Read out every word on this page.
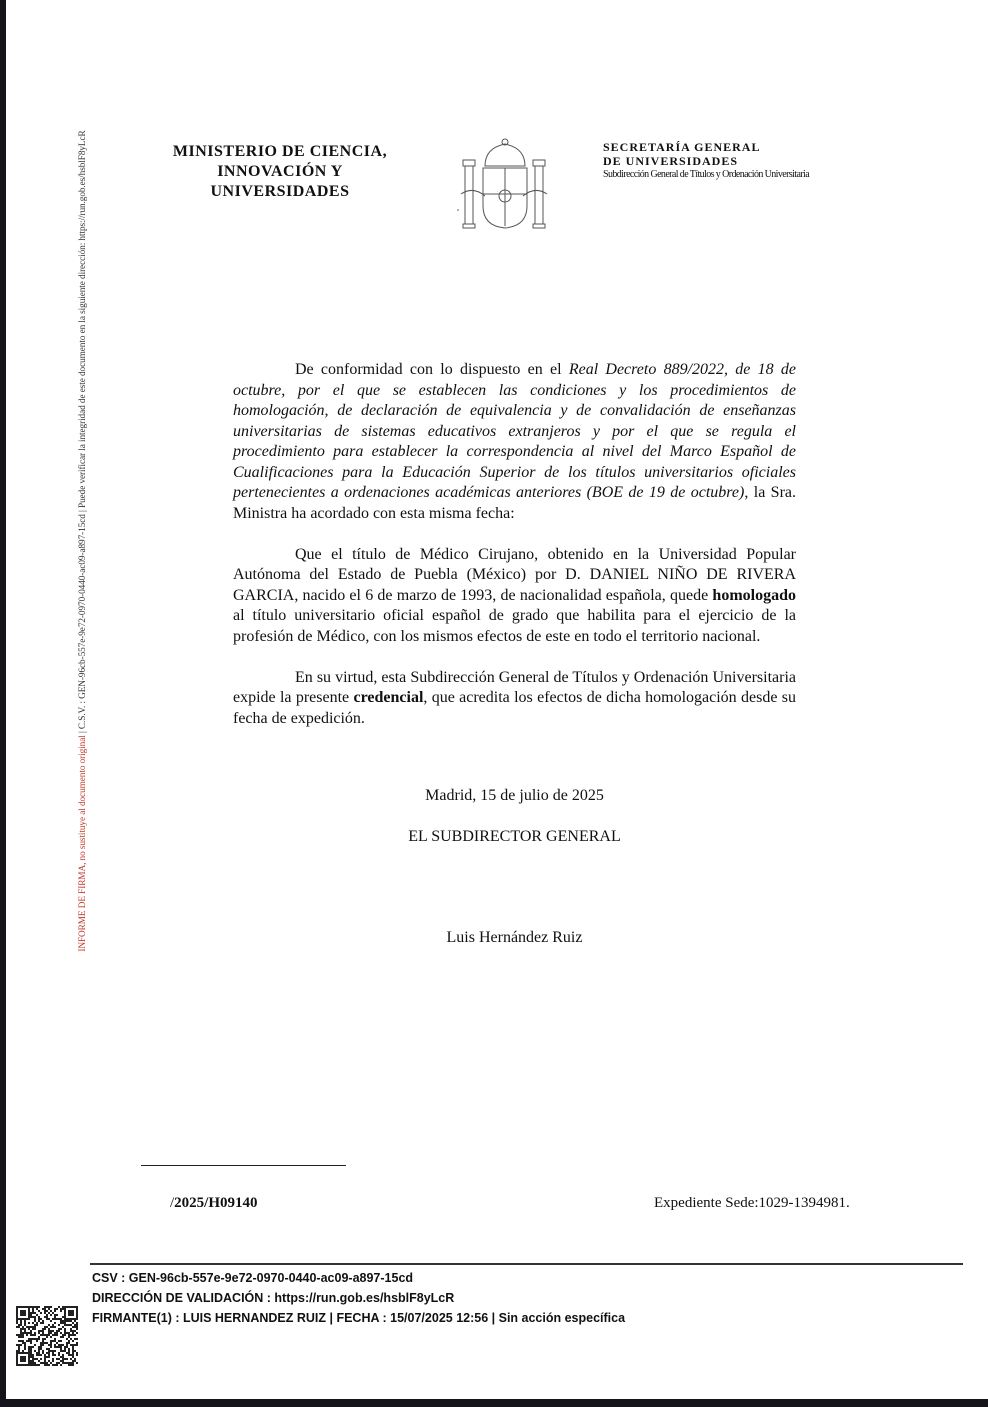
INFORME DE FIRMA, no sustituye al documento original | C.S.V. : GEN-96cb-557e-9e72-0970-0440-ac09-a897-15cd | Puede verificar la integridad de este documento en la siguiente dirección: https://run.gob.es/hsblF8yLcR	MINISTERIO DE CIENCIA,
INNOVACIÓN Y
UNIVERSIDADES
SECRETARÍA GENERAL
DE UNIVERSIDADES
Subdirección General de Títulos y Ordenación Universitaria

De conformidad con lo dispuesto en el Real Decreto 889/2022, de 18 de octubre, por el que se establecen las condiciones y los procedimientos de homologación, de declaración de equivalencia y de convalidación de enseñanzas universitarias de sistemas educativos extranjeros y por el que se regula el procedimiento para establecer la correspondencia al nivel del Marco Español de Cualificaciones para la Educación Superior de los títulos universitarios oficiales pertenecientes a ordenaciones académicas anteriores (BOE de 19 de octubre), la Sra. Ministra ha acordado con esta misma fecha:

Que el título de Médico Cirujano, obtenido en la Universidad Popular Autónoma del Estado de Puebla (México) por D. DANIEL NIÑO DE RIVERA GARCIA, nacido el 6 de marzo de 1993, de nacionalidad española, quede homologado al título universitario oficial español de grado que habilita para el ejercicio de la profesión de Médico, con los mismos efectos de este en todo el territorio nacional.

En su virtud, esta Subdirección General de Títulos y Ordenación Universitaria expide la presente credencial, que acredita los efectos de dicha homologación desde su fecha de expedición.

Madrid, 15 de julio de 2025
EL SUBDIRECTOR GENERAL
Luis Hernández Ruiz
/2025/H09140	Expediente Sede:1029-1394981.
CSV : GEN-96cb-557e-9e72-0970-0440-ac09-a897-15cd
DIRECCIÓN DE VALIDACIÓN : https://run.gob.es/hsblF8yLcR
FIRMANTE(1) : LUIS HERNANDEZ RUIZ | FECHA : 15/07/2025 12:56 | Sin acción específica
